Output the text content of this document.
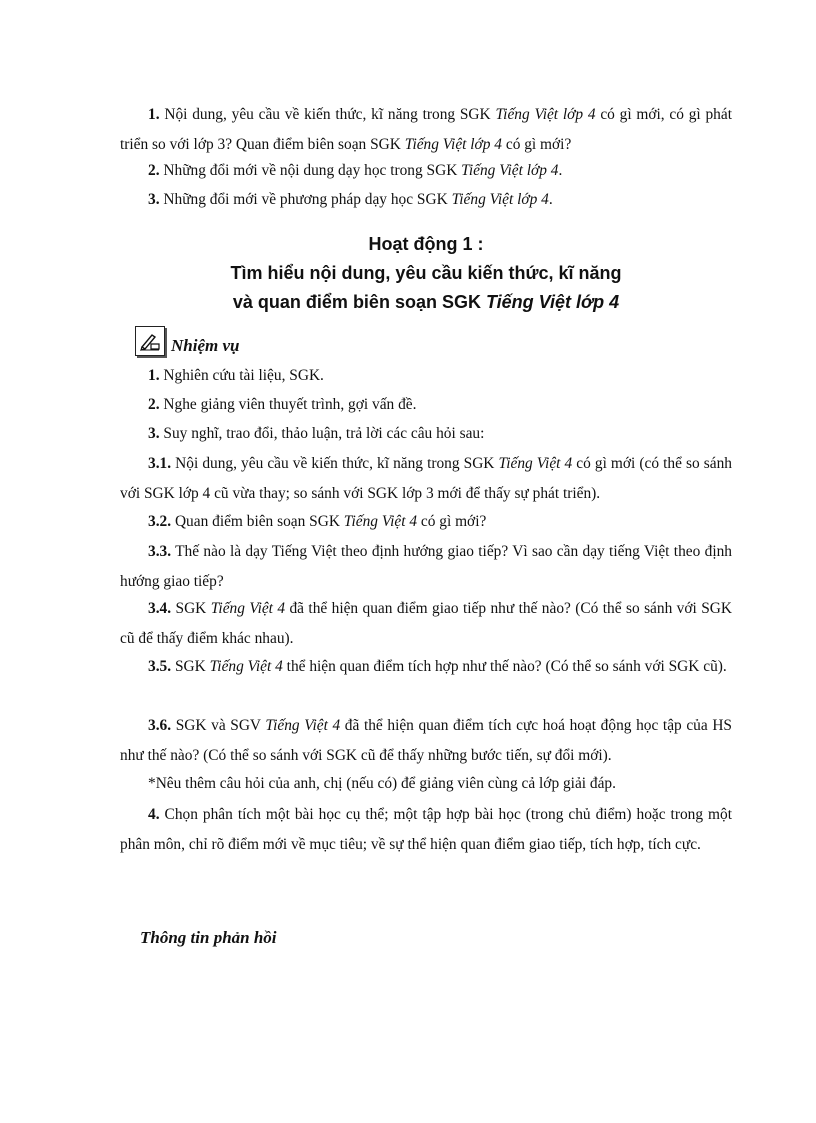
1. Nội dung, yêu cầu về kiến thức, kĩ năng trong SGK Tiếng Việt lớp 4 có gì mới, có gì phát triển so với lớp 3? Quan điểm biên soạn SGK Tiếng Việt lớp 4 có gì mới?

2. Những đổi mới về nội dung dạy học trong SGK Tiếng Việt lớp 4.

3. Những đổi mới về phương pháp dạy học SGK Tiếng Việt lớp 4.

Hoạt động 1 :

Tìm hiểu nội dung, yêu cầu kiến thức, kĩ năng

và quan điểm biên soạn SGK Tiếng Việt lớp 4

Nhiệm vụ

1. Nghiên cứu tài liệu, SGK.

2. Nghe giảng viên thuyết trình, gợi vấn đề.

3. Suy nghĩ, trao đổi, thảo luận, trả lời các câu hỏi sau:

3.1. Nội dung, yêu cầu về kiến thức, kĩ năng trong SGK Tiếng Việt 4 có gì mới (có thể so sánh với SGK lớp 4 cũ vừa thay; so sánh với SGK lớp 3 mới để thấy sự phát triển).

3.2. Quan điểm biên soạn SGK Tiếng Việt 4 có gì mới?

3.3. Thế nào là dạy Tiếng Việt theo định hướng giao tiếp? Vì sao cần dạy tiếng Việt theo định hướng giao tiếp?

3.4. SGK Tiếng Việt 4 đã thể hiện quan điểm giao tiếp như thế nào? (Có thể so sánh với SGK cũ để thấy điểm khác nhau).

3.5. SGK Tiếng Việt 4 thể hiện quan điểm tích hợp như thế nào? (Có thể so sánh với SGK cũ).

3.6. SGK và SGV Tiếng Việt 4 đã thể hiện quan điểm tích cực hoá hoạt động học tập của HS như thế nào? (Có thể so sánh với SGK cũ để thấy những bước tiến, sự đổi mới).

*Nêu thêm câu hỏi của anh, chị (nếu có) để giảng viên cùng cả lớp giải đáp.

4. Chọn phân tích một bài học cụ thể; một tập hợp bài học (trong chủ điểm) hoặc trong một phân môn, chỉ rõ điểm mới về mục tiêu; về sự thể hiện quan điểm giao tiếp, tích hợp, tích cực.

Thông tin phản hồi
